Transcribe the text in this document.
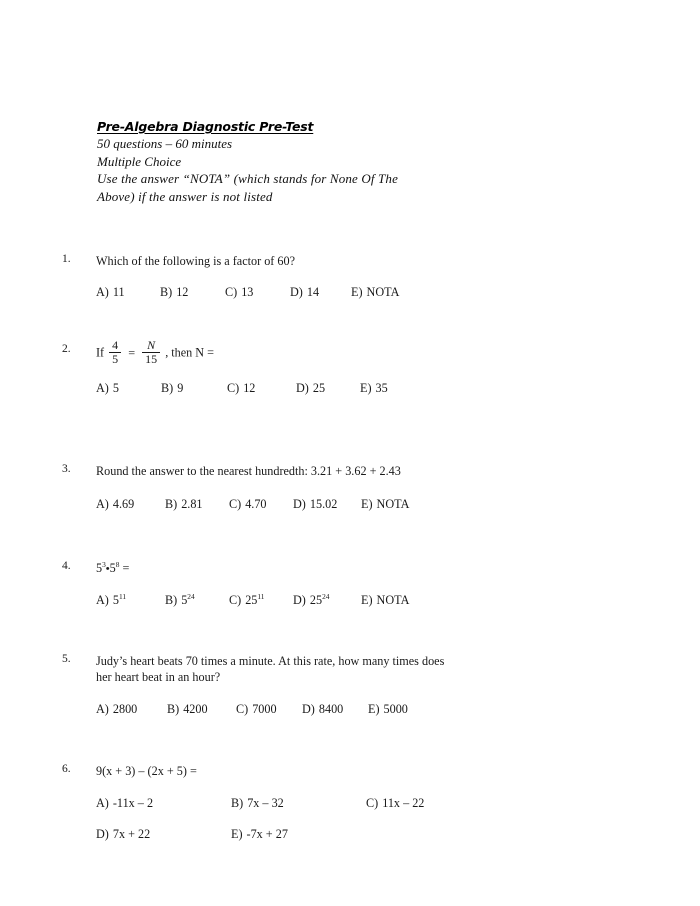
Pre-Algebra Diagnostic Pre-Test
50 questions – 60 minutes
Multiple Choice
Use the answer “NOTA” (which stands for None Of The
Above) if the answer is not listed
1.	Which of the following is a factor of 60?
A) 11	B) 12	C) 13	D) 14	E) NOTA
2.	If $\frac{4}{5} = \frac{N}{15}$ , then N =
A) 5	B) 9	C) 12	D) 25	E) 35
3.	Round the answer to the nearest hundredth: 3.21 + 3.62 + 2.43
A) 4.69	B) 2.81 C) 4.70 D) 15.02 E) NOTA
4.	$5^3•5^8$ =
A) $5^{11}$	B) $5^{24}$	C) $25^{11}$ D) $25^{24}$	E) NOTA
5.	Judy’s heart beats 70 times a minute. At this rate, how many times does her heart beat in an hour?
A) 2800 B) 4200 C) 7000 D) 8400 E) 5000
6.	9(x + 3) – (2x + 5) =
A) -11x – 2	B) 7x – 32	C) 11x – 22
D) 7x + 22	E) -7x + 27
